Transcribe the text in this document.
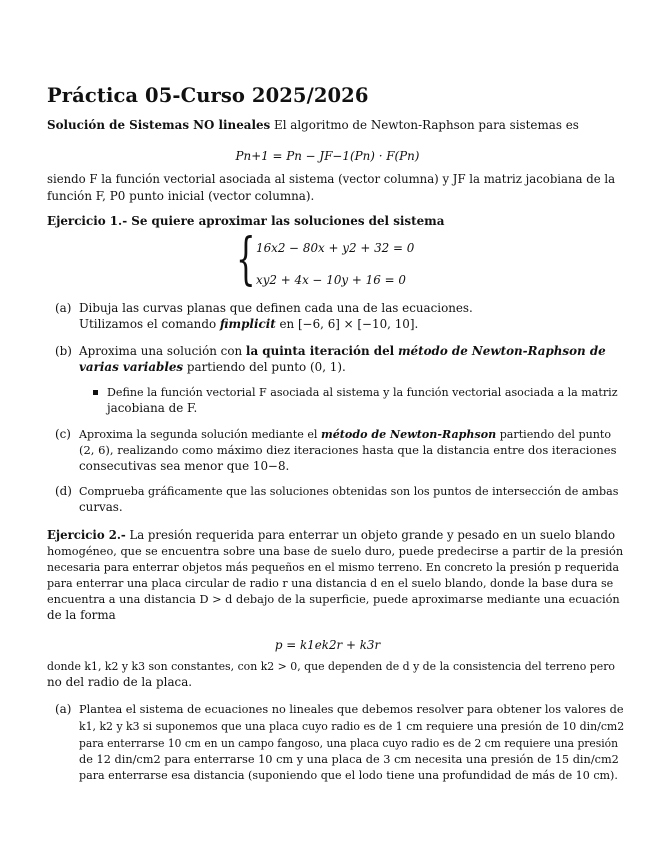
Práctica 05-Curso 2025/2026
Solución de Sistemas NO lineales El algoritmo de Newton-Raphson para sistemas es
Pn+1 = Pn − JF−1(Pn) · F(Pn)
siendo F la función vectorial asociada al sistema (vector columna) y JF la matriz jacobiana de la
función F, P0 punto inicial (vector columna).
Ejercicio 1.- Se quiere aproximar las soluciones del sistema
{ 16x2 − 80x + y2 + 32 = 0
xy2 + 4x − 10y + 16 = 0
(a) Dibuja las curvas planas que definen cada una de las ecuaciones.
Utilizamos el comando fimplicit en [−6, 6] × [−10, 10].
(b) Aproxima una solución con la quinta iteración del método de Newton-Raphson de
varias variables partiendo del punto (0, 1).
Define la función vectorial F asociada al sistema y la función vectorial asociada a la matriz
jacobiana de F.
(c) Aproxima la segunda solución mediante el método de Newton-Raphson partiendo del punto
(2, 6), realizando como máximo diez iteraciones hasta que la distancia entre dos iteraciones
consecutivas sea menor que 10−8.
(d) Comprueba gráficamente que las soluciones obtenidas son los puntos de intersección de ambas
curvas.
Ejercicio 2.- La presión requerida para enterrar un objeto grande y pesado en un suelo blando
homogéneo, que se encuentra sobre una base de suelo duro, puede predecirse a partir de la presión
necesaria para enterrar objetos más pequeños en el mismo terreno. En concreto la presión p requerida
para enterrar una placa circular de radio r una distancia d en el suelo blando, donde la base dura se
encuentra a una distancia D > d debajo de la superficie, puede aproximarse mediante una ecuación
de la forma
p = k1ek2r + k3r
donde k1, k2 y k3 son constantes, con k2 > 0, que dependen de d y de la consistencia del terreno pero
no del radio de la placa.
(a) Plantea el sistema de ecuaciones no lineales que debemos resolver para obtener los valores de
k1, k2 y k3 si suponemos que una placa cuyo radio es de 1 cm requiere una presión de 10 din/cm2
para enterrarse 10 cm en un campo fangoso, una placa cuyo radio es de 2 cm requiere una presión
de 12 din/cm2 para enterrarse 10 cm y una placa de 3 cm necesita una presión de 15 din/cm2
para enterrarse esa distancia (suponiendo que el lodo tiene una profundidad de más de 10 cm).
